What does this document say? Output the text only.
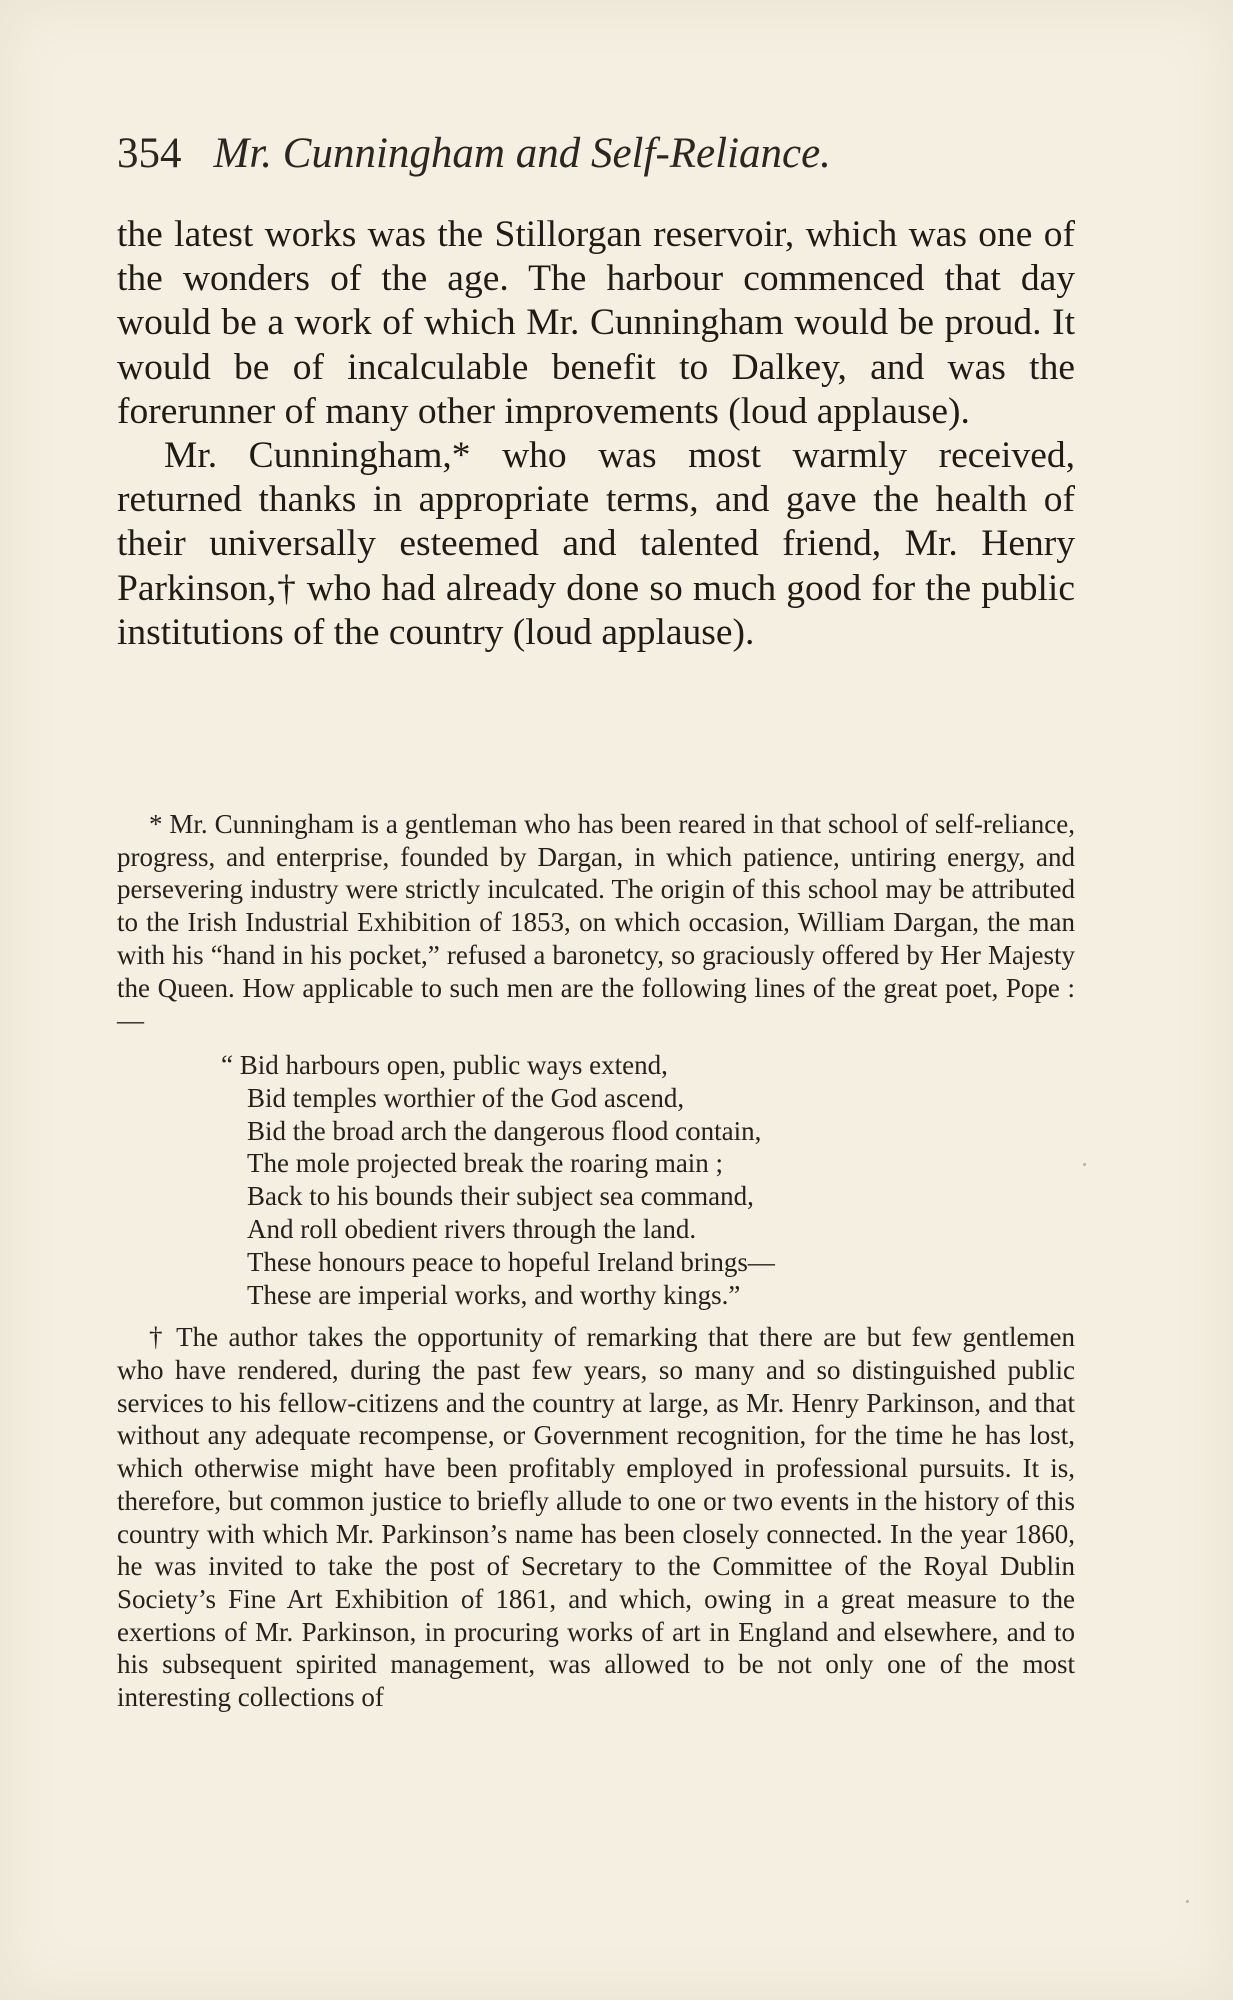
354 Mr. Cunningham and Self-Reliance.

the latest works was the Stillorgan reservoir, which was one of the wonders of the age. The harbour commenced that day would be a work of which Mr. Cunningham would be proud. It would be of incalculable benefit to Dalkey, and was the forerunner of many other improvements (loud applause).

Mr. Cunningham,* who was most warmly received, returned thanks in appropriate terms, and gave the health of their universally esteemed and talented friend, Mr. Henry Parkinson,† who had already done so much good for the public institutions of the country (loud applause).

* Mr. Cunningham is a gentleman who has been reared in that school of self-reliance, progress, and enterprise, founded by Dargan, in which patience, untiring energy, and persevering industry were strictly inculcated. The origin of this school may be attributed to the Irish Industrial Exhibition of 1853, on which occasion, William Dargan, the man with his “hand in his pocket,” refused a baronetcy, so graciously offered by Her Majesty the Queen. How applicable to such men are the following lines of the great poet, Pope : —

“ Bid harbours open, public ways extend,
Bid temples worthier of the God ascend,
Bid the broad arch the dangerous flood contain,
The mole projected break the roaring main ;
Back to his bounds their subject sea command,
And roll obedient rivers through the land.
These honours peace to hopeful Ireland brings—
These are imperial works, and worthy kings.”

† The author takes the opportunity of remarking that there are but few gentlemen who have rendered, during the past few years, so many and so distinguished public services to his fellow-citizens and the country at large, as Mr. Henry Parkinson, and that without any adequate recompense, or Government recognition, for the time he has lost, which otherwise might have been profitably employed in professional pursuits. It is, therefore, but common justice to briefly allude to one or two events in the history of this country with which Mr. Parkinson’s name has been closely connected. In the year 1860, he was invited to take the post of Secretary to the Committee of the Royal Dublin Society’s Fine Art Exhibition of 1861, and which, owing in a great measure to the exertions of Mr. Parkinson, in procuring works of art in England and elsewhere, and to his subsequent spirited management, was allowed to be not only one of the most interesting collections of
